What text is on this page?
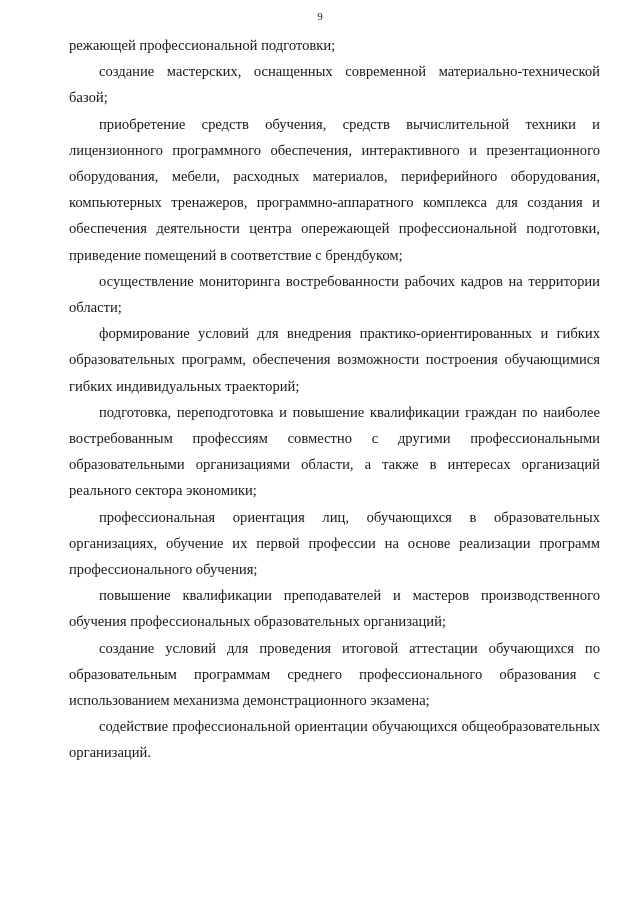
9

режающей профессиональной подготовки;

создание мастерских, оснащенных современной материально-технической базой;

приобретение средств обучения, средств вычислительной техники и лицензионного программного обеспечения, интерактивного и презентационного оборудования, мебели, расходных материалов, периферийного оборудования, компьютерных тренажеров, программно-аппаратного комплекса для создания и обеспечения деятельности центра опережающей профессиональной подготовки, приведение помещений в соответствие с брендбуком;

осуществление мониторинга востребованности рабочих кадров на территории области;

формирование условий для внедрения практико-ориентированных и гибких образовательных программ, обеспечения возможности построения обучающимися гибких индивидуальных траекторий;

подготовка, переподготовка и повышение квалификации граждан по наиболее востребованным профессиям совместно с другими профессиональными образовательными организациями области, а также в интересах организаций реального сектора экономики;

профессиональная ориентация лиц, обучающихся в образовательных организациях, обучение их первой профессии на основе реализации программ профессионального обучения;

повышение квалификации преподавателей и мастеров производственного обучения профессиональных образовательных организаций;

создание условий для проведения итоговой аттестации обучающихся по образовательным программам среднего профессионального образования с использованием механизма демонстрационного экзамена;

содействие профессиональной ориентации обучающихся общеобразовательных организаций.
